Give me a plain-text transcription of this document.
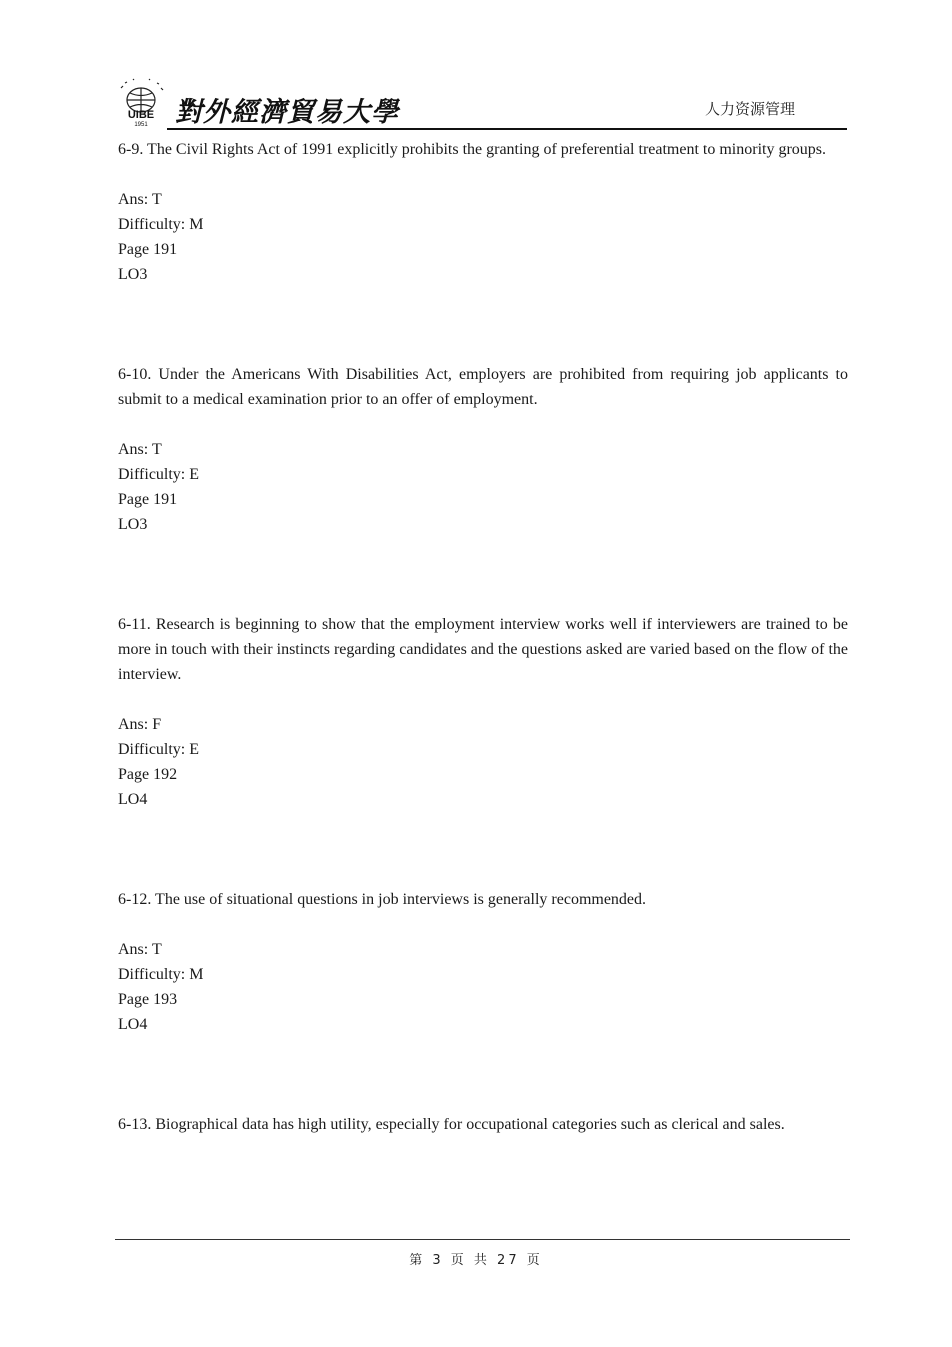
UIBE
1951 對外經濟貿易大學	人力资源管理

6-9. The Civil Rights Act of 1991 explicitly prohibits the granting of preferential treatment to minority groups.

Ans: T
Difficulty: M
Page 191
LO3

6-10. Under the Americans With Disabilities Act, employers are prohibited from requiring job applicants to submit to a medical examination prior to an offer of employment.

Ans: T
Difficulty: E
Page 191
LO3

6-11. Research is beginning to show that the employment interview works well if interviewers are trained to be more in touch with their instincts regarding candidates and the questions asked are varied based on the flow of the interview.

Ans: F
Difficulty: E
Page 192
LO4

6-12. The use of situational questions in job interviews is generally recommended.

Ans: T
Difficulty: M
Page 193
LO4

6-13. Biographical data has high utility, especially for occupational categories such as clerical and sales.

第 3 页 共 27 页
